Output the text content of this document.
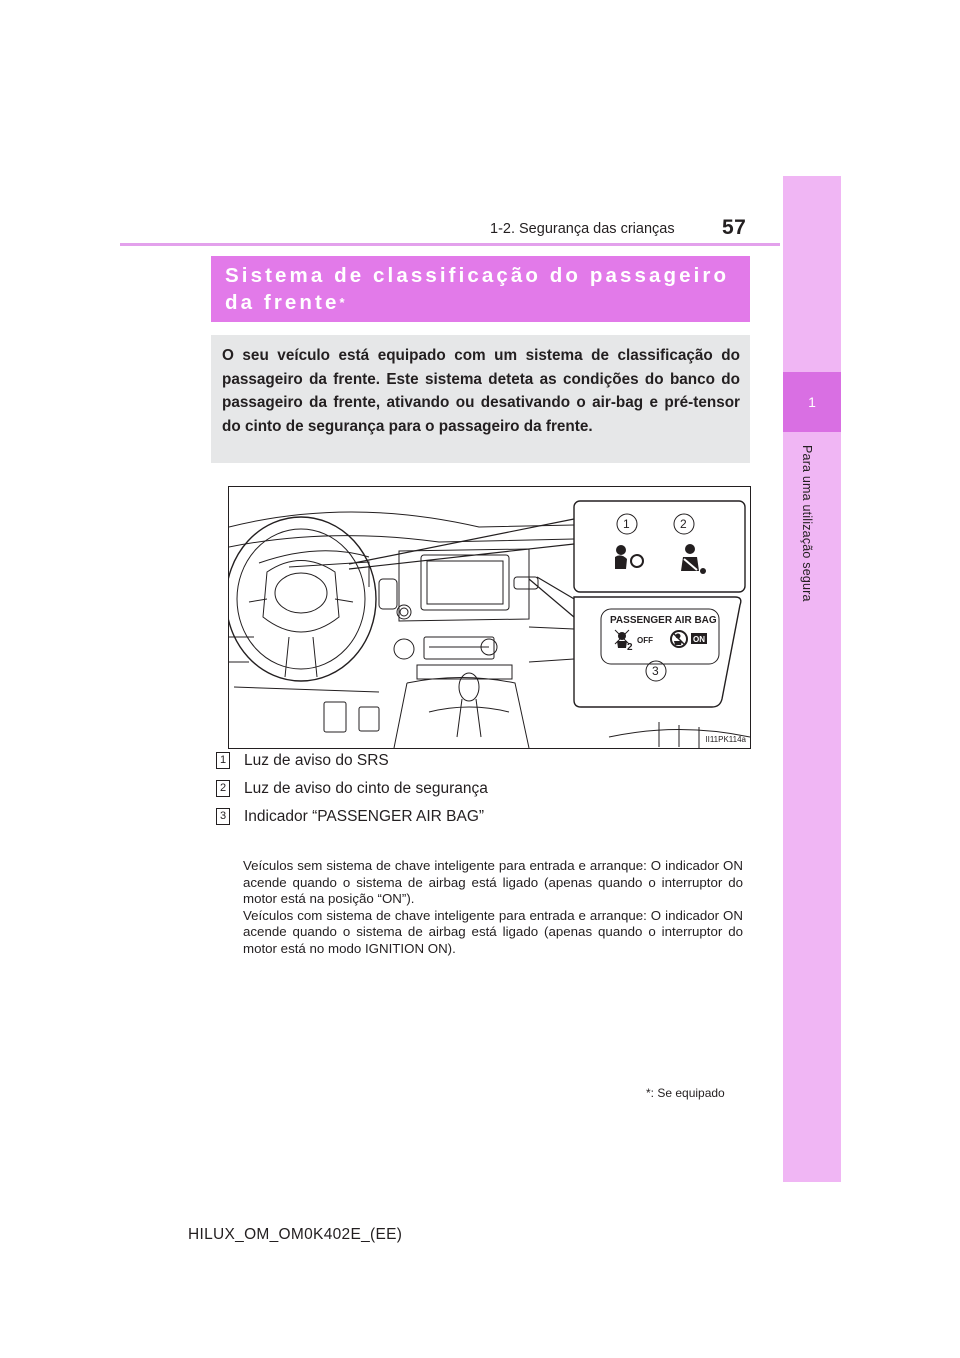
1-2. Segurança das crianças 57
1
Para uma utilização segura
Sistema de classificação do passageiro da frente*
O seu veículo está equipado com um sistema de classificação do passageiro da frente. Este sistema deteta as condições do banco do passageiro da frente, ativando ou desativando o air-bag e pré-tensor do cinto de segurança para o passageiro da frente.
PASSENGER AIR BAG
2
OFF	ON
1	2
3
II11PK114a
1 Luz de aviso do SRS
2 Luz de aviso do cinto de segurança
3 Indicador “PASSENGER AIR BAG”

Veículos sem sistema de chave inteligente para entrada e arranque: O indicador ON acende quando o sistema de airbag está ligado (apenas quando o interruptor do motor está na posição “ON”).

Veículos com sistema de chave inteligente para entrada e arranque: O indicador ON acende quando o sistema de airbag está ligado (apenas quando o interruptor do motor está no modo IGNITION ON).

*: Se equipado
HILUX_OM_OM0K402E_(EE)
